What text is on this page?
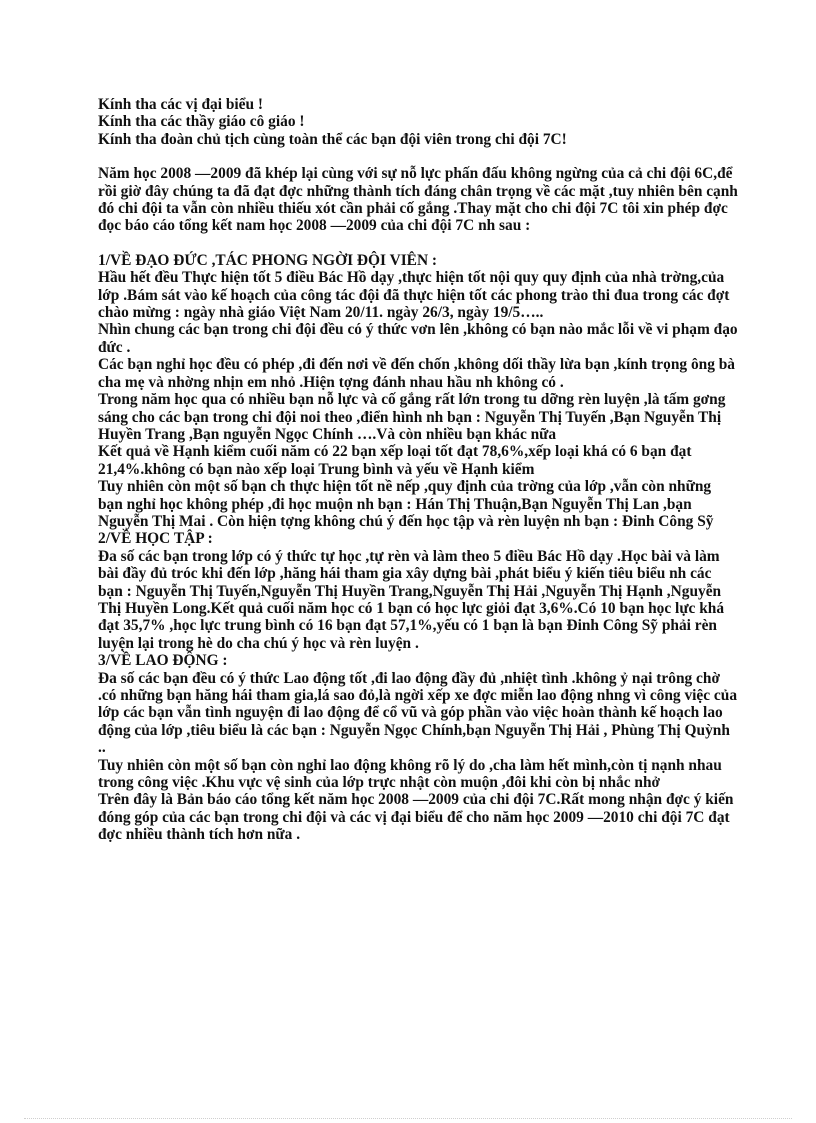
Kính tha các vị đại biểu !

Kính tha các thầy giáo cô giáo !

Kính tha đoàn chủ tịch cùng toàn thể các bạn đội viên trong chi đội 7C!

Năm học 2008 —2009 đã khép lại cùng với sự nỗ lực phấn đấu không ngừng của cả chi đội 6C,để rồi giờ đây chúng ta đã đạt đợc những thành tích đáng chân trọng về các mặt ,tuy nhiên bên cạnh đó chi đội ta vẫn còn nhiều thiếu xót cần phải cố gắng .Thay mặt cho chi đội 7C tôi xin phép đợc đọc báo cáo tổng kết nam học 2008 —2009 của chi đội 7C nh sau :

1/VỀ ĐẠO ĐỨC ,TÁC PHONG NGỜI ĐỘI VIÊN :

Hầu hết đều Thực hiện tốt 5 điều Bác Hồ dạy ,thực hiện tốt nội quy quy định của nhà trờng,của lớp .Bám sát vào kế hoạch của công tác đội đã thực hiện tốt các phong trào thi đua trong các đợt chào mừng : ngày nhà giáo Việt Nam 20/11. ngày 26/3, ngày 19/5…..

Nhìn chung các bạn trong chi đội đều có ý thức vơn lên ,không có bạn nào mắc lỗi về vi phạm đạo đức .

Các bạn nghỉ học đều có phép ,đi đến nơi về đến chốn ,không dối thầy lừa bạn ,kính trọng ông bà cha mẹ và nhờng nhịn em nhỏ .Hiện tợng đánh nhau hầu nh không có .

Trong năm học qua có nhiều bạn nỗ lực và cố gắng rất lớn trong tu dỡng rèn luyện ,là tấm gơng sáng cho các bạn trong chi đội noi theo ,điển hình nh bạn : Nguyễn Thị Tuyến ,Bạn Nguyễn Thị Huyền Trang ,Bạn nguyễn Ngọc Chính ….Và còn nhiều bạn khác nữa

Kết quả về Hạnh kiểm cuối năm có 22 bạn xếp loại tốt đạt 78,6%,xếp loại khá có 6 bạn đạt 21,4%.không có bạn nào xếp loại Trung bình và yếu về Hạnh kiểm

Tuy nhiên còn một số bạn ch thực hiện tốt nề nếp ,quy định của trờng của lớp ,vẫn còn những bạn nghỉ học không phép ,đi học muộn nh bạn : Hán Thị Thuận,Bạn Nguyễn Thị Lan ,bạn Nguyễn Thị Mai . Còn hiện tợng không chú ý đến học tập và rèn luyện nh bạn : Đinh Công Sỹ

2/VỀ HỌC TẬP :

Đa số các bạn trong lớp có ý thức tự học ,tự rèn và làm theo 5 điều Bác Hồ dạy .Học bài và làm bài đầy đủ tróc khi đến lớp ,hăng hái tham gia xây dựng bài ,phát biểu ý kiến tiêu biểu nh các bạn : Nguyễn Thị Tuyến,Nguyễn Thị Huyền Trang,Nguyễn Thị Hải ,Nguyễn Thị Hạnh ,Nguyễn Thị Huyền Long.Kết quả cuối năm học có 1 bạn có học lực giỏi đạt 3,6%.Có 10 bạn học lực khá đạt 35,7% ,học lực trung bình có 16 bạn đạt 57,1%,yếu có 1 bạn là bạn Đinh Công Sỹ phải rèn luyện lại trong hè do cha chú ý học và rèn luyện .

3/VỀ LAO ĐỘNG :

Đa số các bạn đều có ý thức Lao động tốt ,đi lao động đầy đủ ,nhiệt tình .không ỷ nại trông chờ .có những bạn hăng hái tham gia,lá sao đỏ,là ngời xếp xe đợc miễn lao động nhng vì công việc của lớp các bạn vẫn tình nguyện đi lao động để cổ vũ và góp phần vào việc hoàn thành kế hoạch lao động của lớp ,tiêu biểu là các bạn : Nguyễn Ngọc Chính,bạn Nguyễn Thị Hải , Phùng Thị Quỳnh ..

Tuy nhiên còn một số bạn còn nghỉ lao động không rõ lý do ,cha làm hết mình,còn tị nạnh nhau trong công việc .Khu vực vệ sinh của lớp trực nhật còn muộn ,đôi khi còn bị nhắc nhở

Trên đây là Bản báo cáo tổng kết năm học 2008 —2009 của chi đội 7C.Rất mong nhận đợc ý kiến đóng góp của các bạn trong chi đội và các vị đại biểu để cho năm học 2009 —2010 chi đội 7C đạt đợc nhiều thành tích hơn nữa .
